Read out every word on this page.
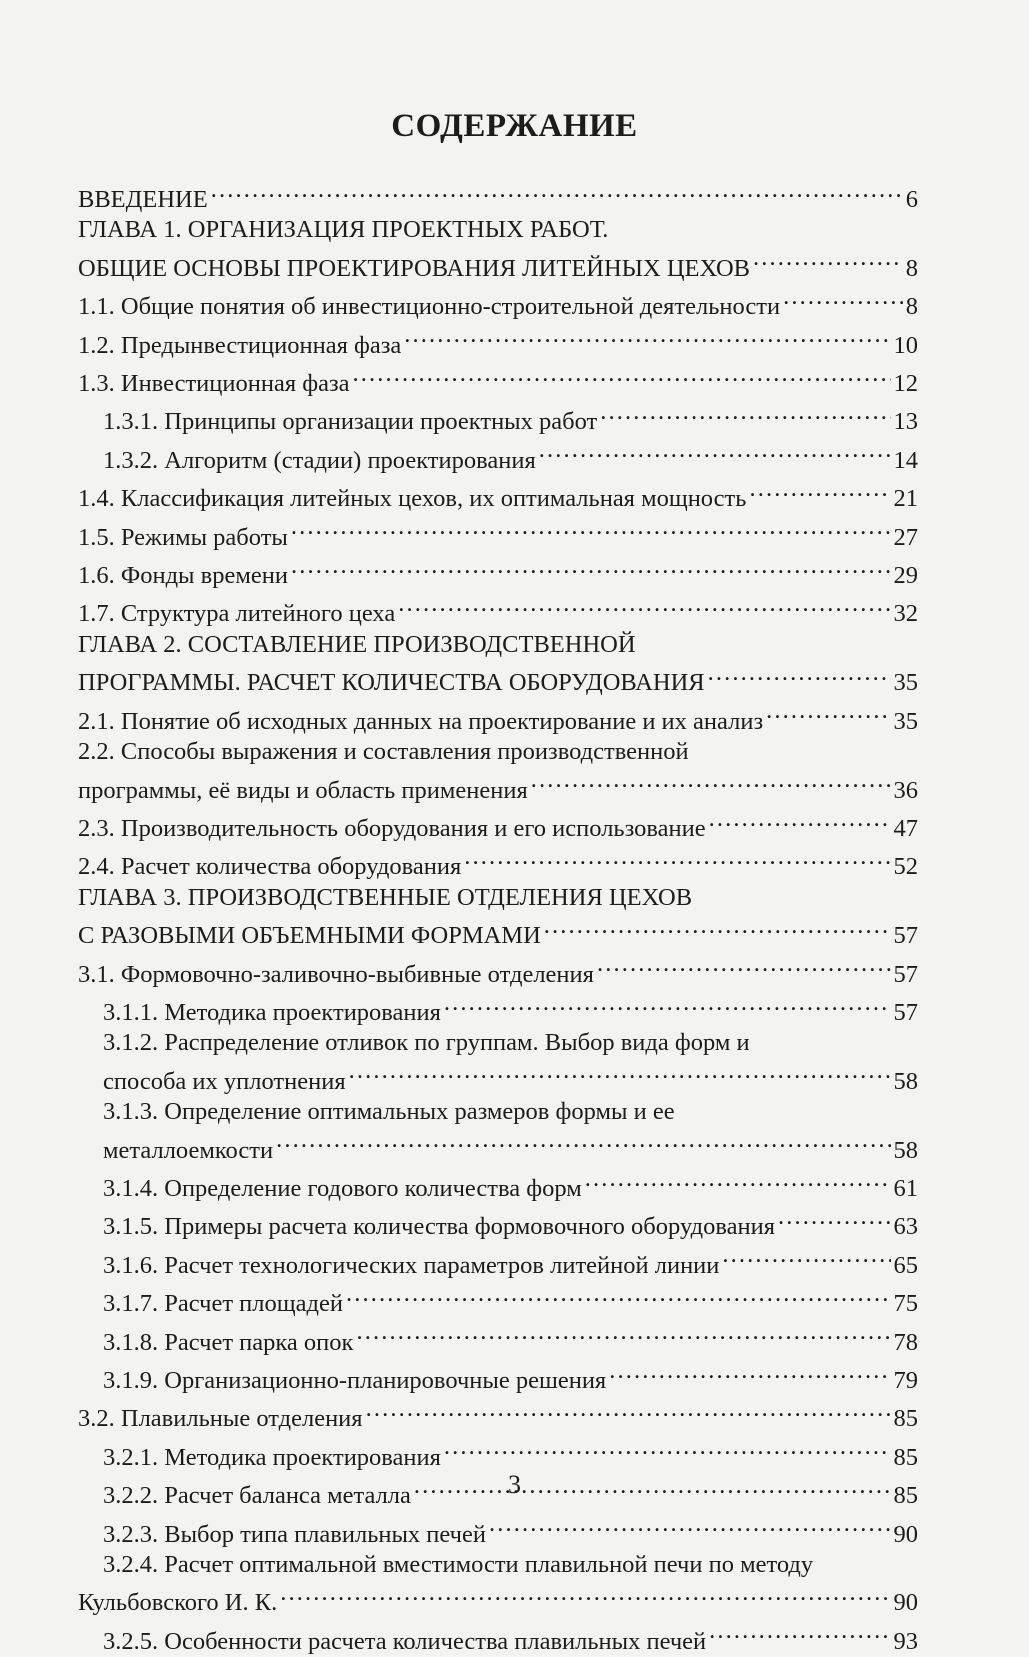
СОДЕРЖАНИЕ
ВВЕДЕНИЕ . . .	6
ГЛАВА 1. ОРГАНИЗАЦИЯ ПРОЕКТНЫХ РАБОТ.
ОБЩИЕ ОСНОВЫ ПРОЕКТИРОВАНИЯ ЛИТЕЙНЫХ ЦЕХОВ . . .	8
1.1. Общие понятия об инвестиционно-строительной деятельности . . .	8
1.2. Предынвестиционная фаза . . .	10
1.3. Инвестиционная фаза . . .	12
1.3.1. Принципы организации проектных работ . . .	13
1.3.2. Алгоритм (стадии) проектирования . . .	14
1.4. Классификация литейных цехов, их оптимальная мощность . . .	21
1.5. Режимы работы . . .	27
1.6. Фонды времени . . .	29
1.7. Структура литейного цеха . . .	32
ГЛАВА 2. СОСТАВЛЕНИЕ ПРОИЗВОДСТВЕННОЙ
ПРОГРАММЫ. РАСЧЕТ КОЛИЧЕСТВА ОБОРУДОВАНИЯ . . .	35
2.1. Понятие об исходных данных на проектирование и их анализ . . .	35
2.2. Способы выражения и составления производственной
программы, её виды и область применения . . .	36
2.3. Производительность оборудования и его использование . . .	47
2.4. Расчет количества оборудования . . .	52
ГЛАВА 3. ПРОИЗВОДСТВЕННЫЕ ОТДЕЛЕНИЯ ЦЕХОВ
С РАЗОВЫМИ ОБЪЕМНЫМИ ФОРМАМИ . . .	57
3.1. Формовочно-заливочно-выбивные отделения . . .	57
3.1.1. Методика проектирования . . .	57
3.1.2. Распределение отливок по группам. Выбор вида форм и
способа их уплотнения . . .	58
3.1.3. Определение оптимальных размеров формы и ее
металлоемкости . . .	58
3.1.4. Определение годового количества форм . . .	61
3.1.5. Примеры расчета количества формовочного оборудования . . .	63
3.1.6. Расчет технологических параметров литейной линии . . .	65
3.1.7. Расчет площадей . . .	75
3.1.8. Расчет парка опок . . .	78
3.1.9. Организационно-планировочные решения . . .	79
3.2. Плавильные отделения . . .	85
3.2.1. Методика проектирования . . .	85
3.2.2. Расчет баланса металла . . .	85
3.2.3. Выбор типа плавильных печей . . .	90
3.2.4. Расчет оптимальной вместимости плавильной печи по методу
Кульбовского И. К. . . .	90
3.2.5. Особенности расчета количества плавильных печей . . .	93
3
